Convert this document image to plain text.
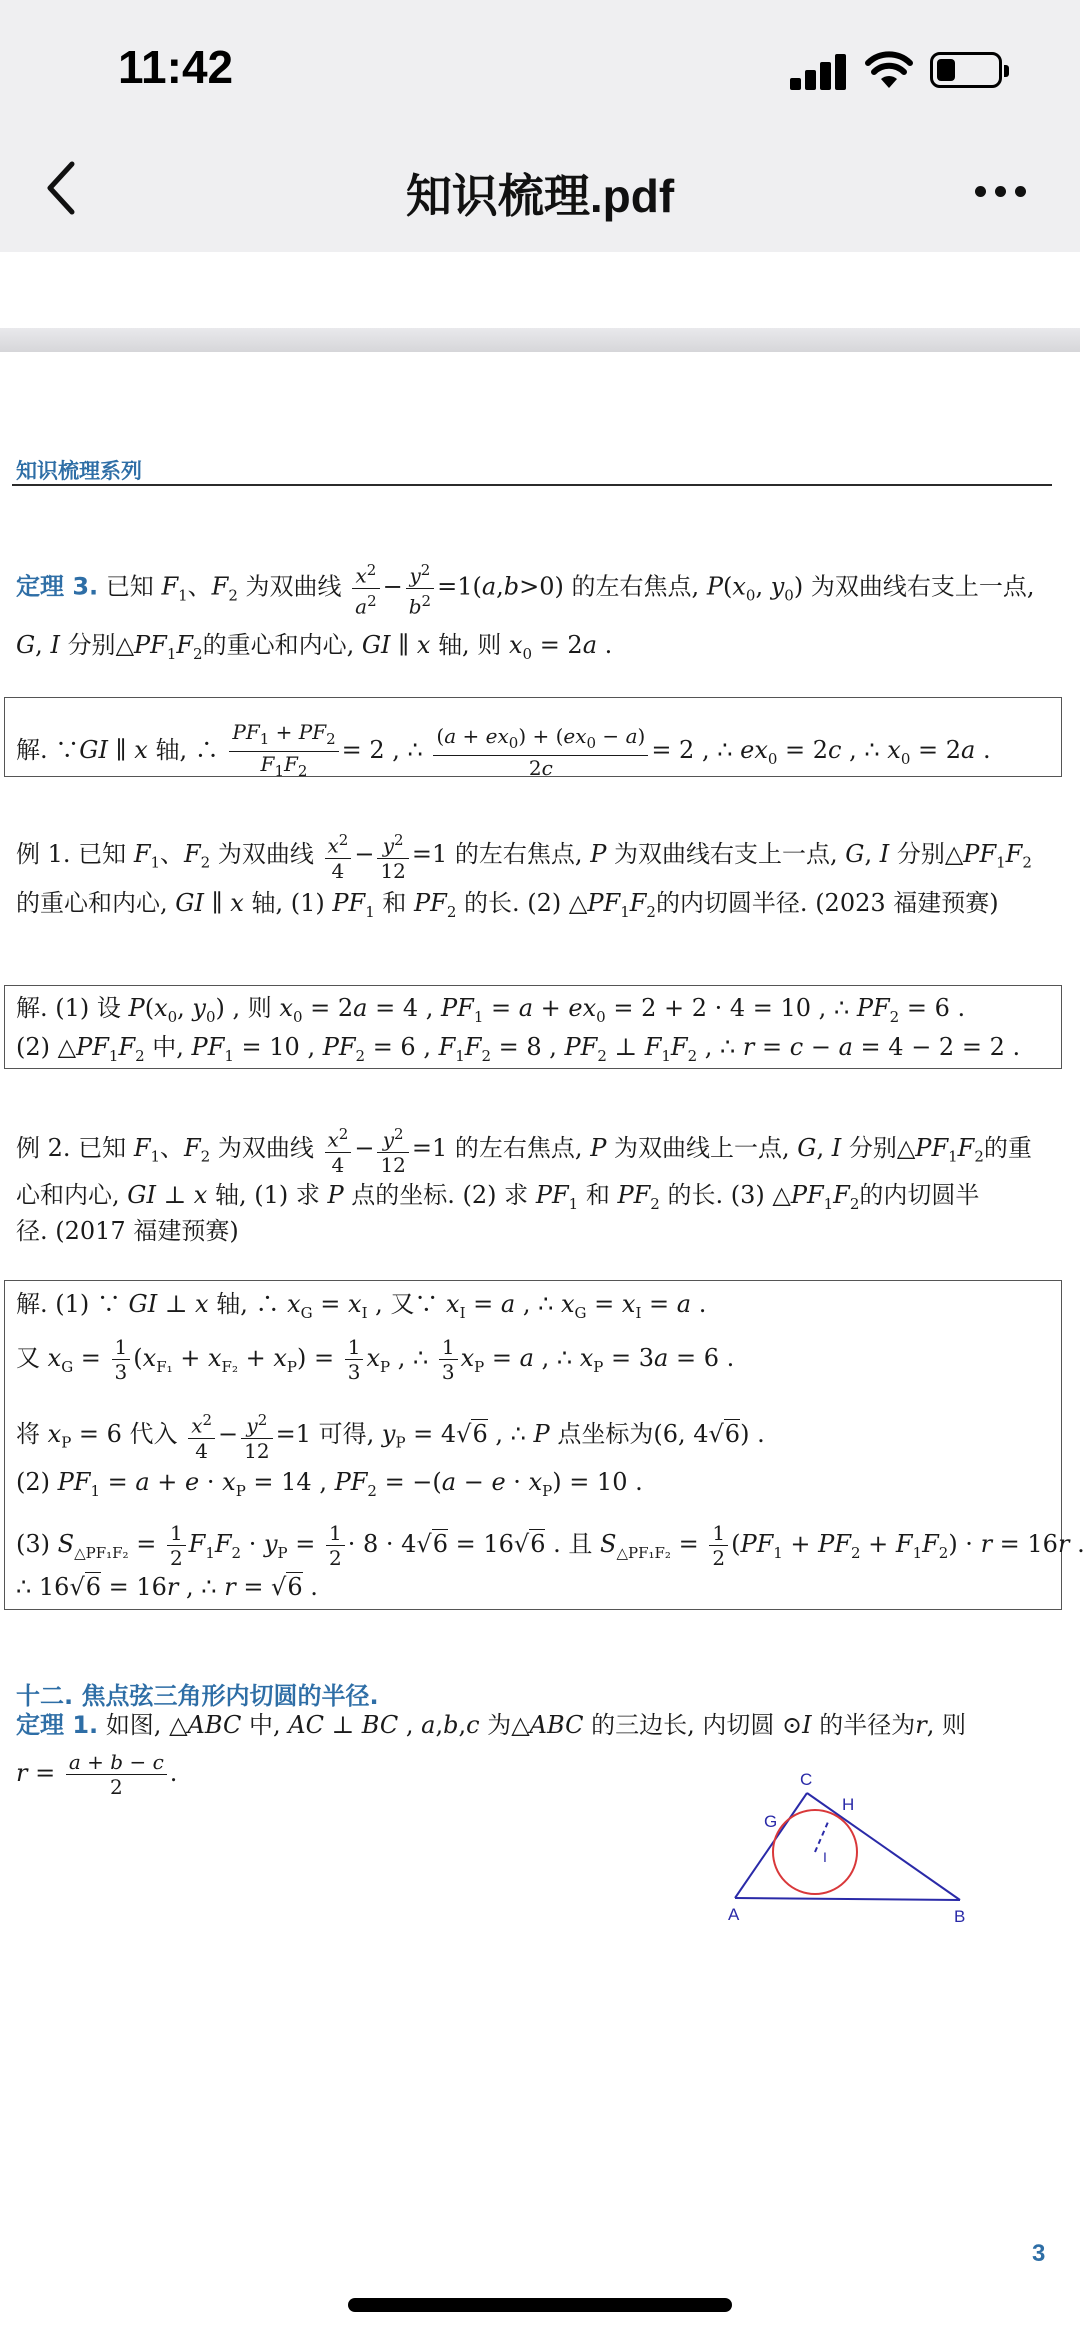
11:42
知识梳理.pdf
知识梳理系列
定理 3. 已知 $F_1$、$F_2$ 为双曲线 $\frac{x^2}{a^2} - \frac{y^2}{b^2} =1(a,b>0)$ 的左右焦点, $P(x_0$, $y_0$) 为双曲线右支上一点,
G, I 分别$\triangle PF_1F_2$的重心和内心, GI ∥ x 轴, 则 $x_0 = 2a$ .
解. ∵GI ∥ x 轴, ∴ $\frac{PF_1 + PF_2}{F_1F_2} = 2$ , ∴ $\frac{(a + ex_0) + (ex_0 - a)}{2c} = 2$ , ∴ $ex_0 = 2c$ , ∴ $x_0 = 2a$ .
例 1. 已知 $F_1$、$F_2$ 为双曲线 $\frac{x^2}{4} - \frac{y^2}{12} =1$ 的左右焦点, P 为双曲线右支上一点, G, I 分别$\triangle PF_1F_2$
的重心和内心, GI ∥ x 轴, (1) $PF_1$ 和 $PF_2$ 的长. (2) $\triangle PF_1F_2$的内切圆半径. (2023 福建预赛)
解. (1) 设 $P(x_0$, $y_0$) , 则 $x_0 = 2a = 4$ , $PF_1 = a + ex_0 = 2 + 2 \cdot 4 = 10$ , ∴ $PF_2 = 6$ .
(2) $\triangle PF_1F_2$ 中, $PF_1 = 10$ , $PF_2 = 6$ , $F_1F_2 = 8$ , $PF_2$ ⊥ $F_1F_2$ , ∴ r = c − a = 4 − 2 = 2 .
例 2. 已知 $F_1$、$F_2$ 为双曲线 $\frac{x^2}{4} - \frac{y^2}{12} =1$ 的左右焦点, P 为双曲线上一点, G, I 分别$\triangle PF_1F_2$的重
心和内心, GI ⊥ x 轴, (1) 求 P 点的坐标. (2) 求 $PF_1$ 和 $PF_2$ 的长. (3) $\triangle PF_1F_2$的内切圆半
径. (2017 福建预赛)
解. (1) ∵ GI ⊥ x 轴, ∴ $x_G = x_I$ , 又∵ $x_I = a$ , ∴ $x_G = x_I = a$ .
又 $x_G = \frac{1}{3} (x_{F_1} + x_{F_2} + x_P) = \frac{1}{3} x_P$ , ∴ $\frac{1}{3} x_P = a$ , ∴ $x_P = 3a = 6$ .
将 $x_P = 6$ 代入 $\frac{x^2}{4} - \frac{y^2}{12} =1$ 可得, $y_P = 4√6$ , ∴ P 点坐标为(6, 4√6) .
(2) $PF_1 = a + e \cdot x_P = 14$ , $PF_2 = -(a - e \cdot x_P) = 10$ .
(3) $S_{\triangle PF_1F_2} = \frac{1}{2} F_1F_2 \cdot y_P = \frac{1}{2} \cdot 8 \cdot 4√6 = 16√6$ . 且 $S_{\triangle PF_1F_2} = \frac{1}{2} (PF_1 + PF_2 + F_1F_2) \cdot r = 16r$ .
∴ 16√6 = 16r , ∴ r = √6 .
十二. 焦点弦三角形内切圆的半径.
定理 1. 如图, △ABC 中, AC ⊥ BC , a,b,c 为△ABC 的三边长, 内切圆 ⊙I 的半径为r, 则
$r = \frac{a + b - c}{2}$ .
A	B
C
G
H
I
3
